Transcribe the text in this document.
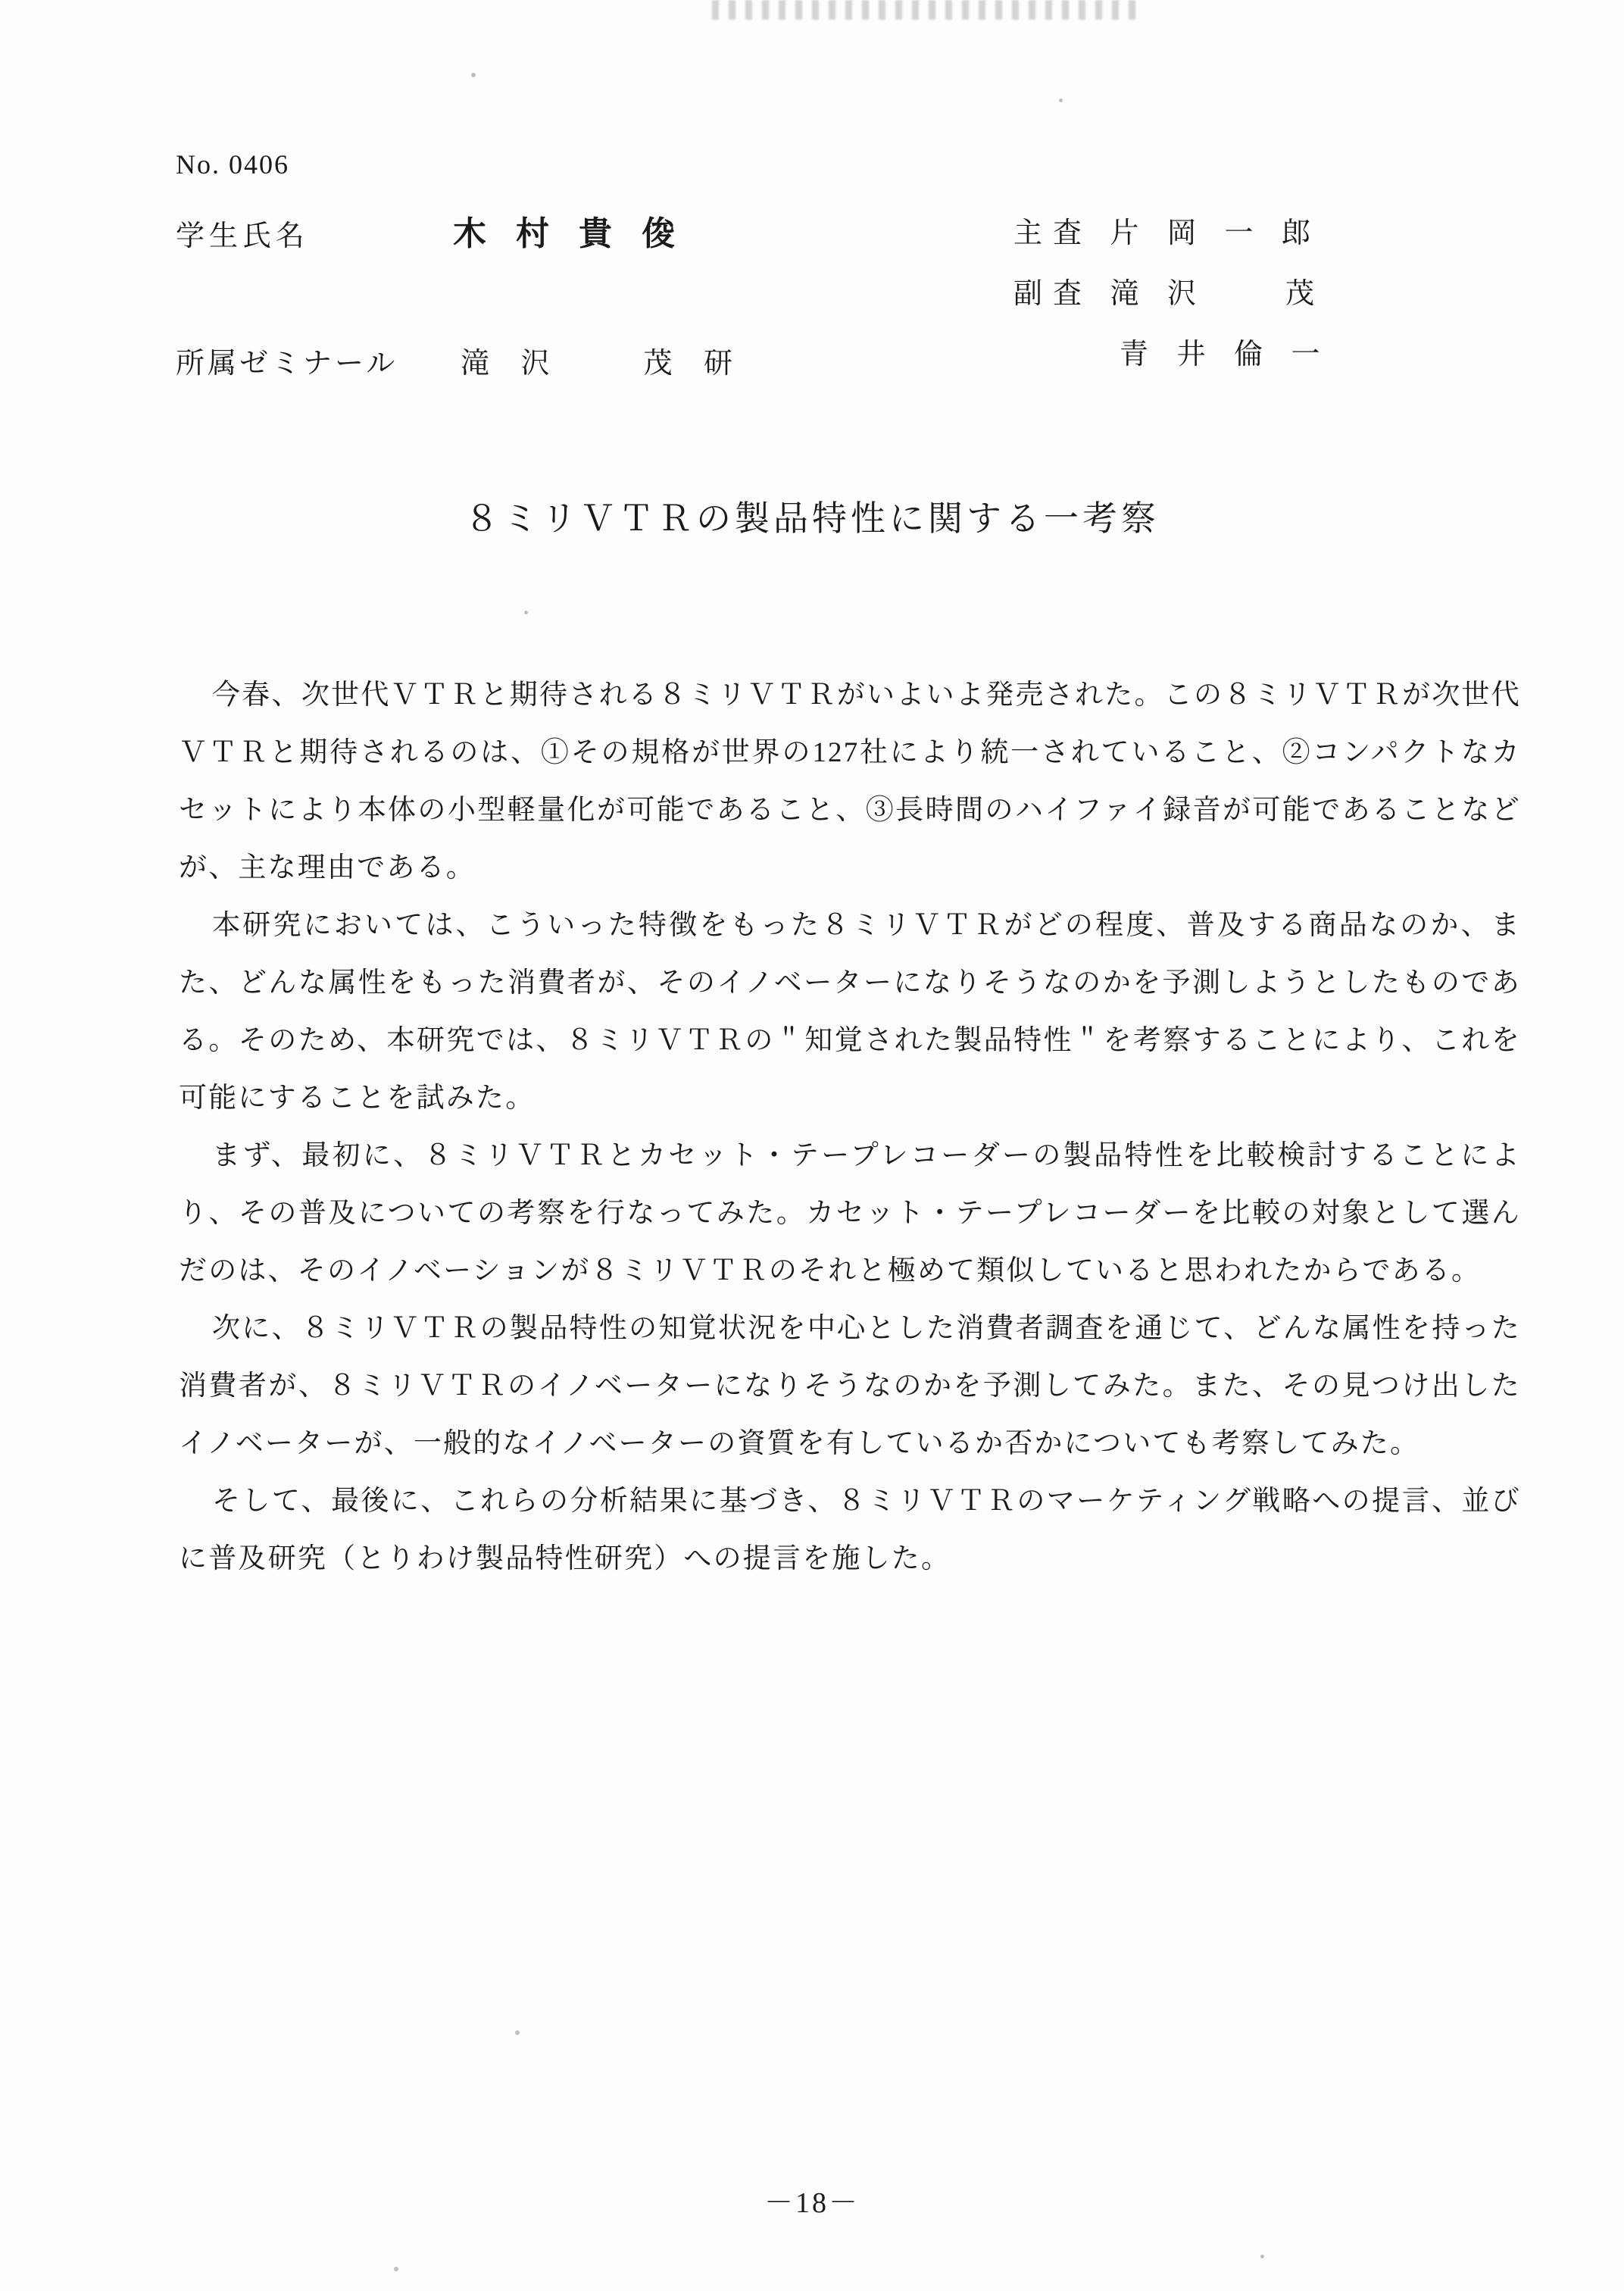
No. 0406
学生氏名	木 村 貴 俊
所属ゼミナール 滝 沢　　茂 研
主査 片 岡 一 郎
副査 滝 沢　　茂
青 井 倫 一
８ミリＶＴＲの製品特性に関する一考察

今春、次世代ＶＴＲと期待される８ミリＶＴＲがいよいよ発売された。この８ミリＶＴＲが次世代ＶＴＲと期待されるのは、①その規格が世界の127社により統一されていること、②コンパクトなカセットにより本体の小型軽量化が可能であること、③長時間のハイファイ録音が可能であることなどが、主な理由である。

本研究においては、こういった特徴をもった８ミリＶＴＲがどの程度、普及する商品なのか、また、どんな属性をもった消費者が、そのイノベーターになりそうなのかを予測しようとしたものである。そのため、本研究では、８ミリＶＴＲの＂知覚された製品特性＂を考察することにより、これを可能にすることを試みた。

まず、最初に、８ミリＶＴＲとカセット・テープレコーダーの製品特性を比較検討することにより、その普及についての考察を行なってみた。カセット・テープレコーダーを比較の対象として選んだのは、そのイノベーションが８ミリＶＴＲのそれと極めて類似していると思われたからである。

次に、８ミリＶＴＲの製品特性の知覚状況を中心とした消費者調査を通じて、どんな属性を持った消費者が、８ミリＶＴＲのイノベーターになりそうなのかを予測してみた。また、その見つけ出したイノベーターが、一般的なイノベーターの資質を有しているか否かについても考察してみた。

そして、最後に、これらの分析結果に基づき、８ミリＶＴＲのマーケティング戦略への提言、並びに普及研究（とりわけ製品特性研究）への提言を施した。

－18－
